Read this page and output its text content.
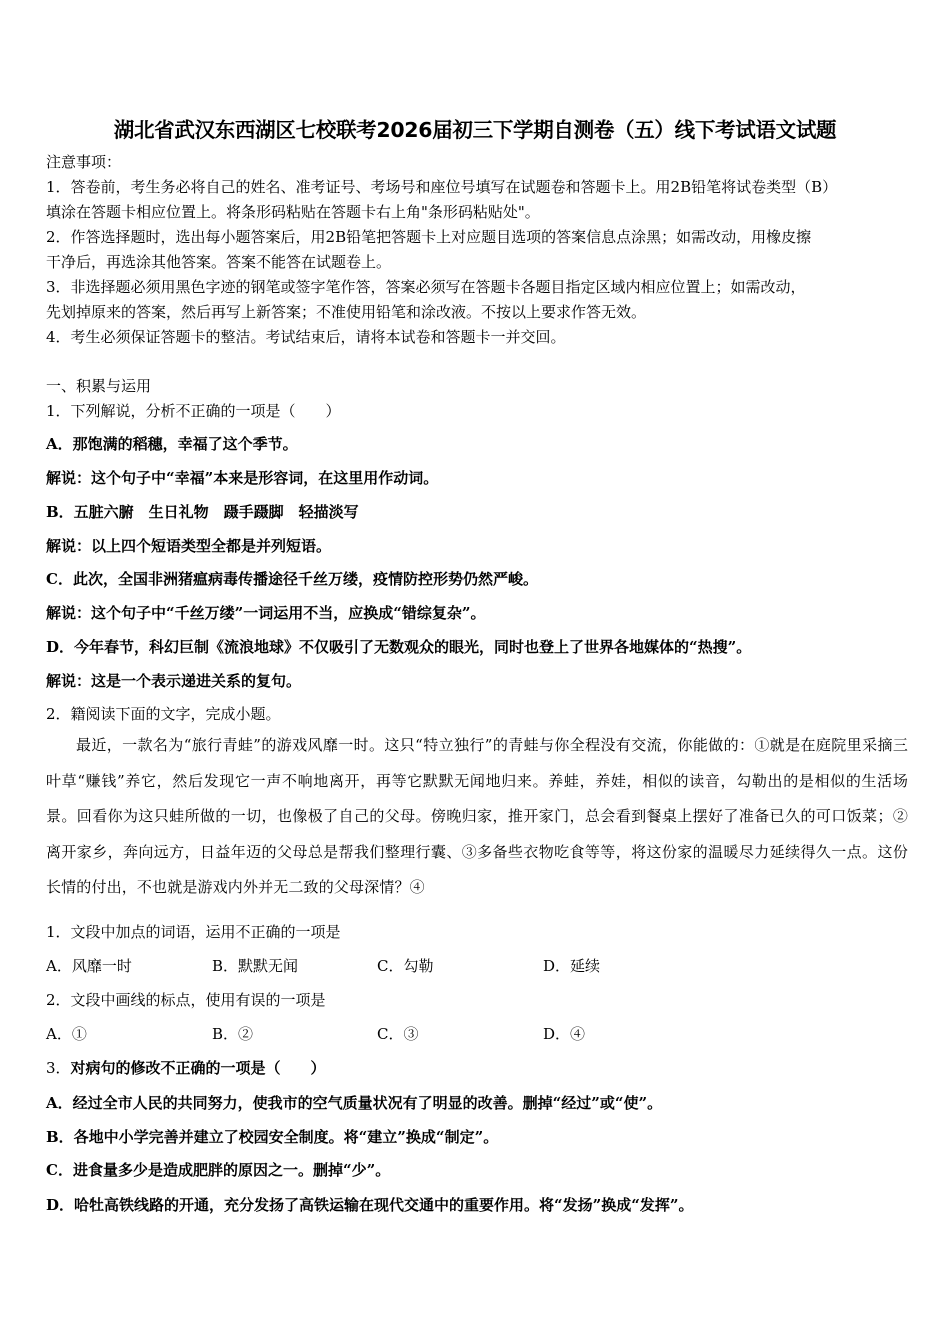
湖北省武汉东西湖区七校联考2026届初三下学期自测卷（五）线下考试语文试题
注意事项：
1．答卷前，考生务必将自己的姓名、准考证号、考场号和座位号填写在试题卷和答题卡上。用2B铅笔将试卷类型（B）
填涂在答题卡相应位置上。将条形码粘贴在答题卡右上角"条形码粘贴处"。
2．作答选择题时，选出每小题答案后，用2B铅笔把答题卡上对应题目选项的答案信息点涂黑；如需改动，用橡皮擦
干净后，再选涂其他答案。答案不能答在试题卷上。
3．非选择题必须用黑色字迹的钢笔或签字笔作答，答案必须写在答题卡各题目指定区域内相应位置上；如需改动，
先划掉原来的答案，然后再写上新答案；不准使用铅笔和涂改液。不按以上要求作答无效。
4．考生必须保证答题卡的整洁。考试结束后，请将本试卷和答题卡一并交回。
一、积累与运用
1．下列解说，分析不正确的一项是（　　）
A．那饱满的稻穗，幸福了这个季节。
解说：这个句子中“幸福”本来是形容词，在这里用作动词。
B．五脏六腑　生日礼物　蹑手蹑脚　轻描淡写
解说：以上四个短语类型全都是并列短语。
C．此次，全国非洲猪瘟病毒传播途径千丝万缕，疫情防控形势仍然严峻。
解说：这个句子中“千丝万缕”一词运用不当，应换成“错综复杂”。
D．今年春节，科幻巨制《流浪地球》不仅吸引了无数观众的眼光，同时也登上了世界各地媒体的“热搜”。
解说：这是一个表示递进关系的复句。
2．籍阅读下面的文字，完成小题。
最近，一款名为“旅行青蛙”的游戏风靡一时。这只“特立独行”的青蛙与你全程没有交流，你能做的：①就是在庭院里采摘三叶草“赚钱”养它，然后发现它一声不响地离开，再等它默默无闻地归来。养蛙，养娃，相似的读音，勾勒出的是相似的生活场景。回看你为这只蛙所做的一切，也像极了自己的父母。傍晚归家，推开家门，总会看到餐桌上摆好了准备已久的可口饭菜；②离开家乡，奔向远方，日益年迈的父母总是帮我们整理行囊、③多备些衣物吃食等等，将这份家的温暖尽力延续得久一点。这份长情的付出，不也就是游戏内外并无二致的父母深情？④
1．文段中加点的词语，运用不正确的一项是
A．风靡一时	B．默默无闻	C．勾勒	D．延续
2．文段中画线的标点，使用有误的一项是
A．①	B．②	C．③	D．④
3．对病句的修改不正确的一项是（　　）
A．经过全市人民的共同努力，使我市的空气质量状况有了明显的改善。删掉“经过”或“使”。
B．各地中小学完善并建立了校园安全制度。将“建立”换成“制定”。
C．进食量多少是造成肥胖的原因之一。删掉“少”。
D．哈牡高铁线路的开通，充分发扬了高铁运输在现代交通中的重要作用。将“发扬”换成“发挥”。
